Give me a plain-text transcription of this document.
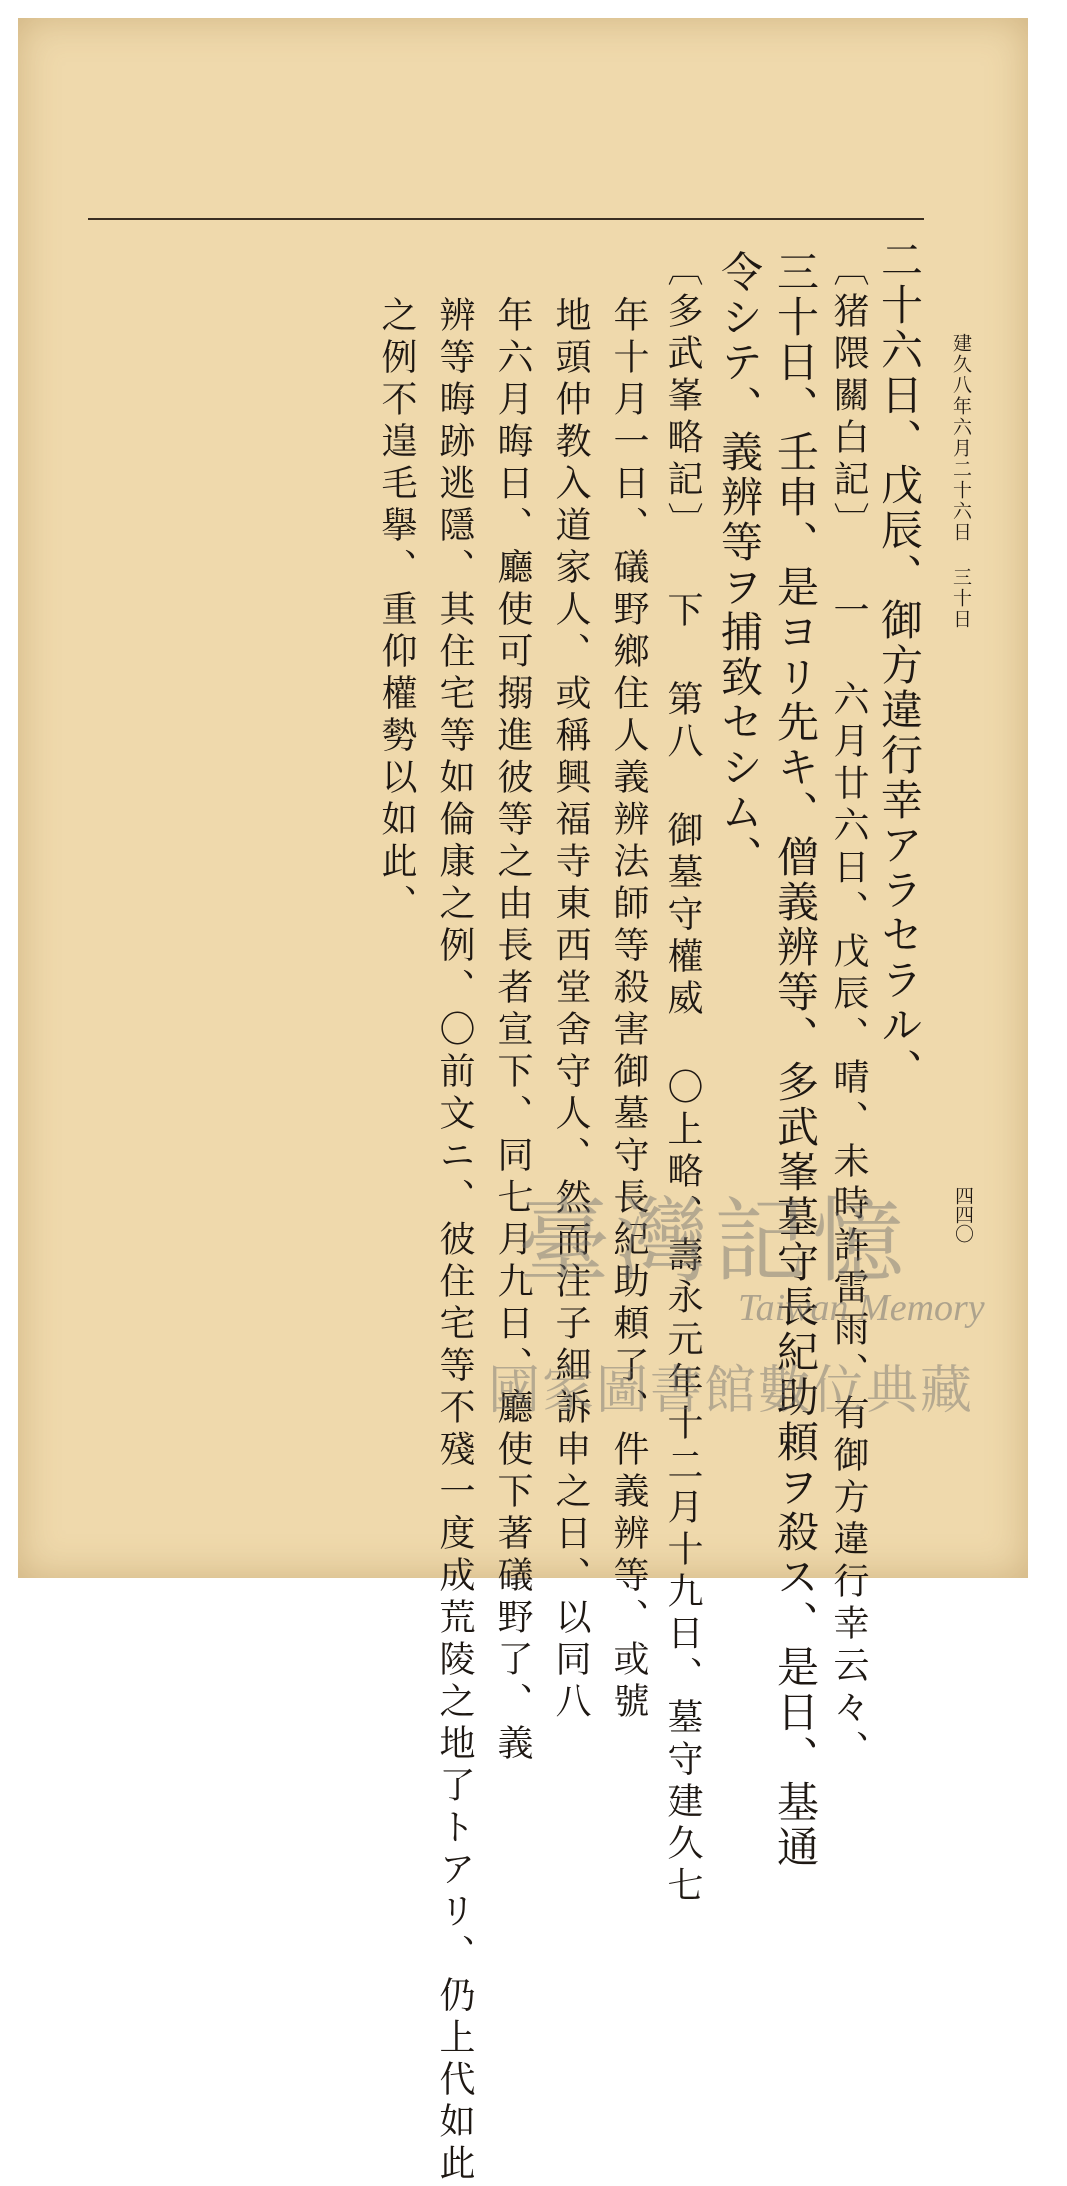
建久八年六月二十六日 三十日

四四〇

二十六日、戊辰、御方違行幸アラセラル、

〔猪隈關白記〕 一 六月廿六日、戊辰、晴、未時許雷雨、有御方違行幸云々、

三十日、壬申、是ヨリ先キ、僧義辨等、多武峯墓守長紀助頼ヲ殺ス、是日、基通

令シテ、義辨等ヲ捕致セシム、

〔多武峯略記〕 下 第八 御墓守權威 〇上略、壽永元年十二月十九日、墓守建久七

年十月一日、礒野鄉住人義辨法師等殺害御墓守長紀助頼了、件義辨等、或號

地頭仲教入道家人、或稱興福寺東西堂舍守人、然而注子細訴申之日、以同八

年六月晦日、廳使可搦進彼等之由長者宣下、同七月九日、廳使下著礒野了、義

辨等晦跡逃隱、其住宅等如倫康之例、〇前文ニ、彼住宅等不殘一度成荒陵之地了トアリ、仍上代如此

之例不遑毛擧、重仰權勢以如此、

臺灣記憶
Taiwan Memory
國家圖書館數位典藏
